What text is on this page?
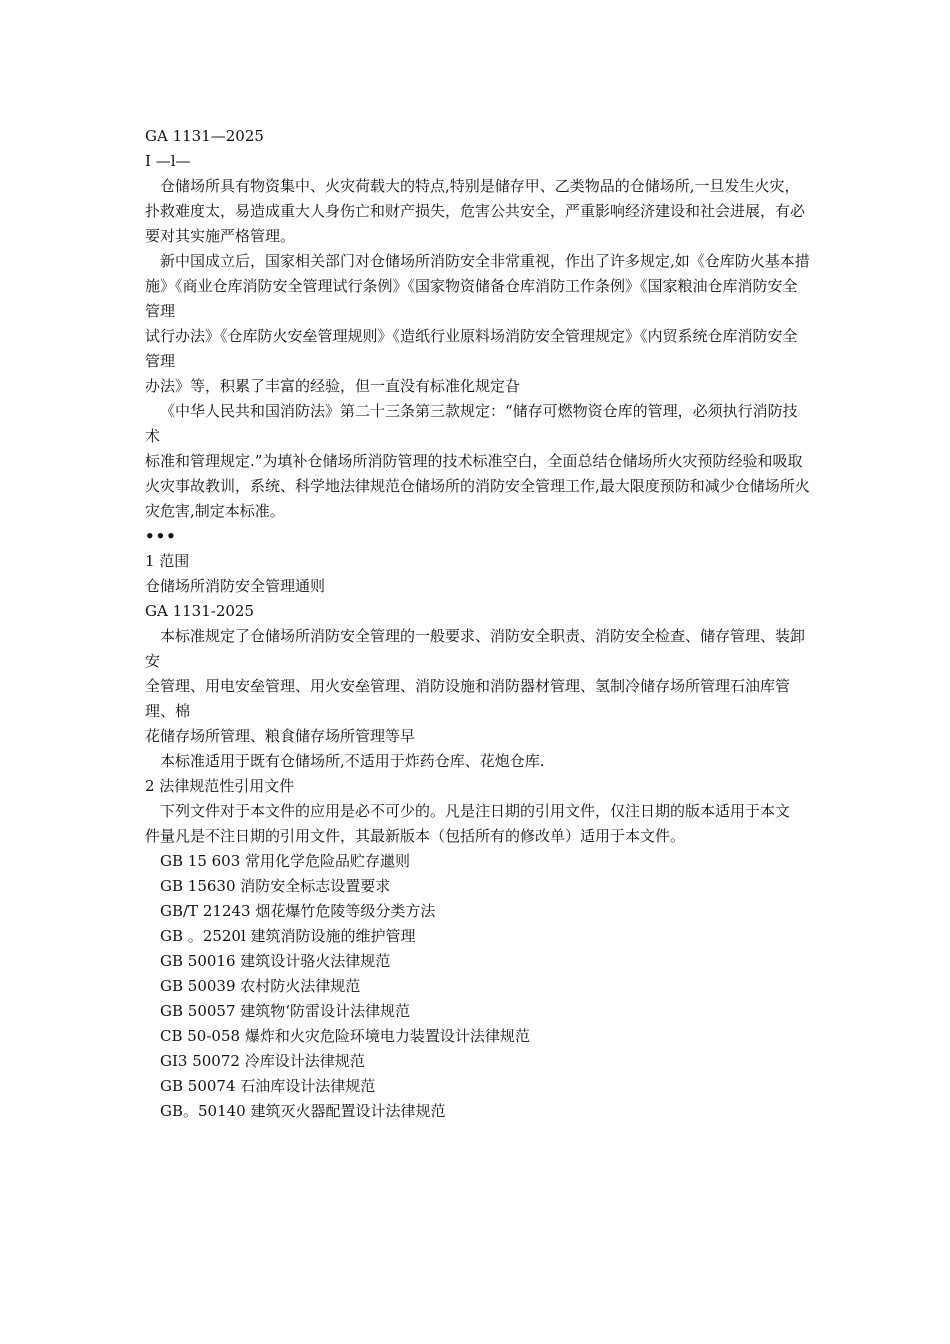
GA 1131—2025
I —l—
仓储场所具有物资集中、火灾荷载大的特点,特别是储存甲、乙类物品的仓储场所,一旦发生火灾，
扑救难度太，易造成重大人身伤亡和财产损失，危害公共安全，严重影响经济建设和社会进展，有必要对其实施严格管理。
新中国成立后，国家相关部门对仓储场所消防安全非常重视，作出了许多规定,如《仓库防火基本措
施》《商业仓库消防安全管理试行条例》《国家物资储备仓库消防工作条例》《国家粮油仓库消防安全管理
试行办法》《仓库防火安垒管理规则》《造纸行业原料场消防安全管理规定》《内贸系统仓库消防安全管理
办法》等，积累了丰富的经验，但一直没有标准化规定旮
《中华人民共和国消防法》第二十三条第三款规定：“储存可燃物资仓库的管理，必须执行消防技术
标准和管理规定.”为填补仓储场所消防管理的技术标准空白，全面总结仓储场所火灾预防经验和吸取
火灾事故教训，系统、科学地法律规范仓储场所的消防安全管理工作,最大限度预防和减少仓储场所火灾危害,制定本标准。
•••
1 范围
仓储场所消防安全管理通则
GA 1131-2025
本标准规定了仓储场所消防安全管理的一般要求、消防安全职责、消防安全检查、储存管理、装卸安
全管理、用电安垒管理、用火安垒管理、消防设施和消防器材管理、氢制冷储存场所管理石油库管理、棉
花储存场所管理、粮食储存场所管理等早
本标准适用于既有仓储场所,不适用于炸药仓库、花炮仓库.
2 法律规范性引用文件
下列文件对于本文件的应用是必不可少的。凡是注日期的引用文件，仅注日期的版本适用于本文
件量凡是不注日期的引用文件，其最新版本（包括所有的修改单）适用于本文件。
GB 15 603 常用化学危险品贮存邋则
GB 15630 消防安全标志设置要求
GB/T 21243 烟花爆竹危陵等级分类方法
GB 。2520l 建筑消防设施的维护管理
GB 50016 建筑设计骆火法律规范
GB 50039 农村防火法律规范
GB 50057 建筑物‘防雷设计法律规范
CB 50-058 爆炸和火灾危险环境电力装置设计法律规范
GI3 50072 冷库设计法律规范
GB 50074 石油库设计法律规范
GB。50140 建筑灭火器配置设计法律规范
